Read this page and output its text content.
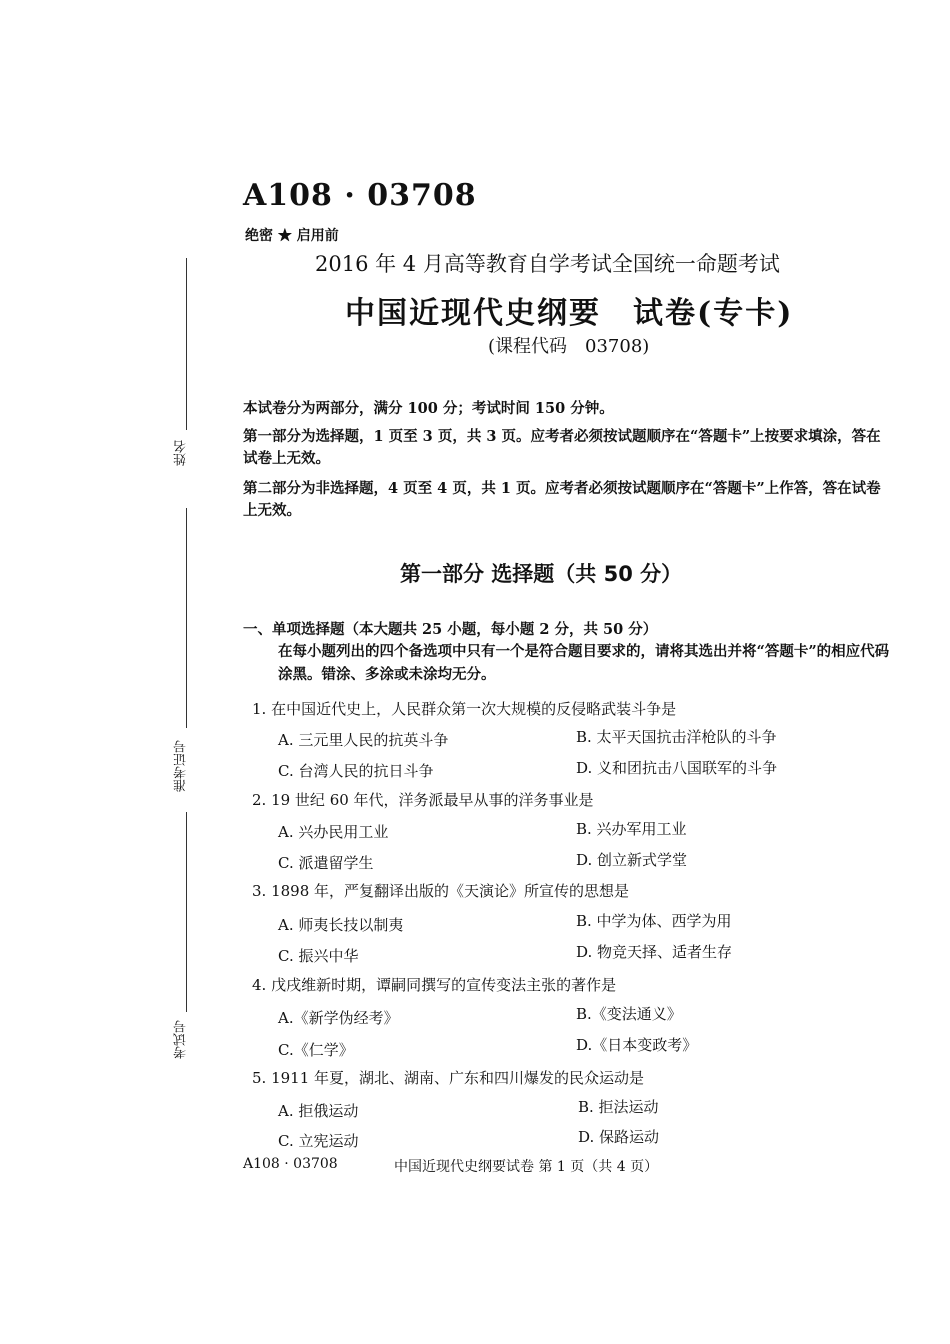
姓名
准考证号
考试号
A108 · 03708
绝密 ★ 启用前
2016 年 4 月高等教育自学考试全国统一命题考试
中国近现代史纲要　试卷(专卡)
(课程代码　03708)
本试卷分为两部分，满分 100 分；考试时间 150 分钟。
第一部分为选择题，1 页至 3 页，共 3 页。应考者必须按试题顺序在“答题卡”上按要求填涂，答在试卷上无效。
第二部分为非选择题，4 页至 4 页，共 1 页。应考者必须按试题顺序在“答题卡”上作答，答在试卷上无效。
第一部分 选择题（共 50 分）
一、单项选择题（本大题共 25 小题，每小题 2 分，共 50 分）
在每小题列出的四个备选项中只有一个是符合题目要求的，请将其选出并将“答题卡”的相应代码涂黑。错涂、多涂或未涂均无分。
1. 在中国近代史上，人民群众第一次大规模的反侵略武装斗争是
A. 三元里人民的抗英斗争	B. 太平天国抗击洋枪队的斗争
C. 台湾人民的抗日斗争	D. 义和团抗击八国联军的斗争
2. 19 世纪 60 年代，洋务派最早从事的洋务事业是
A. 兴办民用工业	B. 兴办军用工业
C. 派遣留学生	D. 创立新式学堂
3. 1898 年，严复翻译出版的《天演论》所宣传的思想是
A. 师夷长技以制夷	B. 中学为体、西学为用
C. 振兴中华	D. 物竞天择、适者生存
4. 戊戌维新时期，谭嗣同撰写的宣传变法主张的著作是
A.《新学伪经考》	B.《变法通义》
C.《仁学》	D.《日本变政考》
5. 1911 年夏，湖北、湖南、广东和四川爆发的民众运动是
A. 拒俄运动	B. 拒法运动
C. 立宪运动	D. 保路运动
A108 · 03708	中国近现代史纲要试卷 第 1 页（共 4 页）
